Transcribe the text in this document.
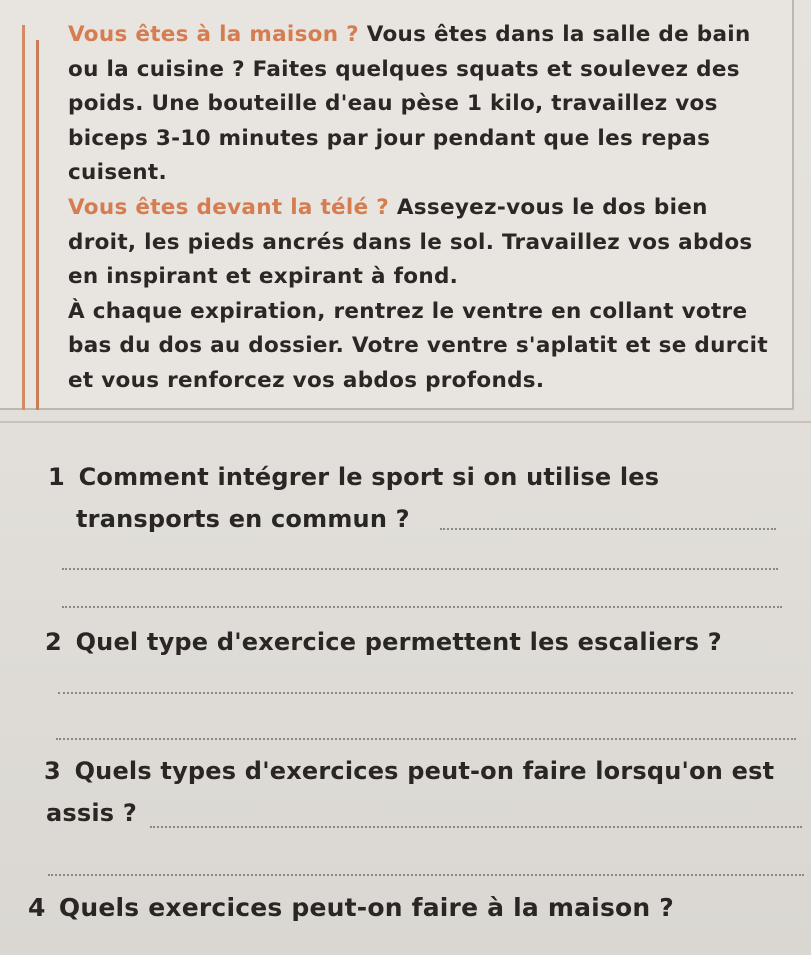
Vous êtes à la maison ? Vous êtes dans la salle de bain ou la cuisine ? Faites quelques squats et soulevez des poids. Une bouteille d'eau pèse 1 kilo, travaillez vos biceps 3-10 minutes par jour pendant que les repas cuisent.

Vous êtes devant la télé ? Asseyez-vous le dos bien droit, les pieds ancrés dans le sol. Travaillez vos abdos en inspirant et expirant à fond.

À chaque expiration, rentrez le ventre en collant votre bas du dos au dossier. Votre ventre s'aplatit et se durcit et vous renforcez vos abdos profonds.

1 Comment intégrer le sport si on utilise les
transports en commun ?
2 Quel type d'exercice permettent les escaliers ?
3 Quels types d'exercices peut-on faire lorsqu'on est
assis ?
4 Quels exercices peut-on faire à la maison ?
